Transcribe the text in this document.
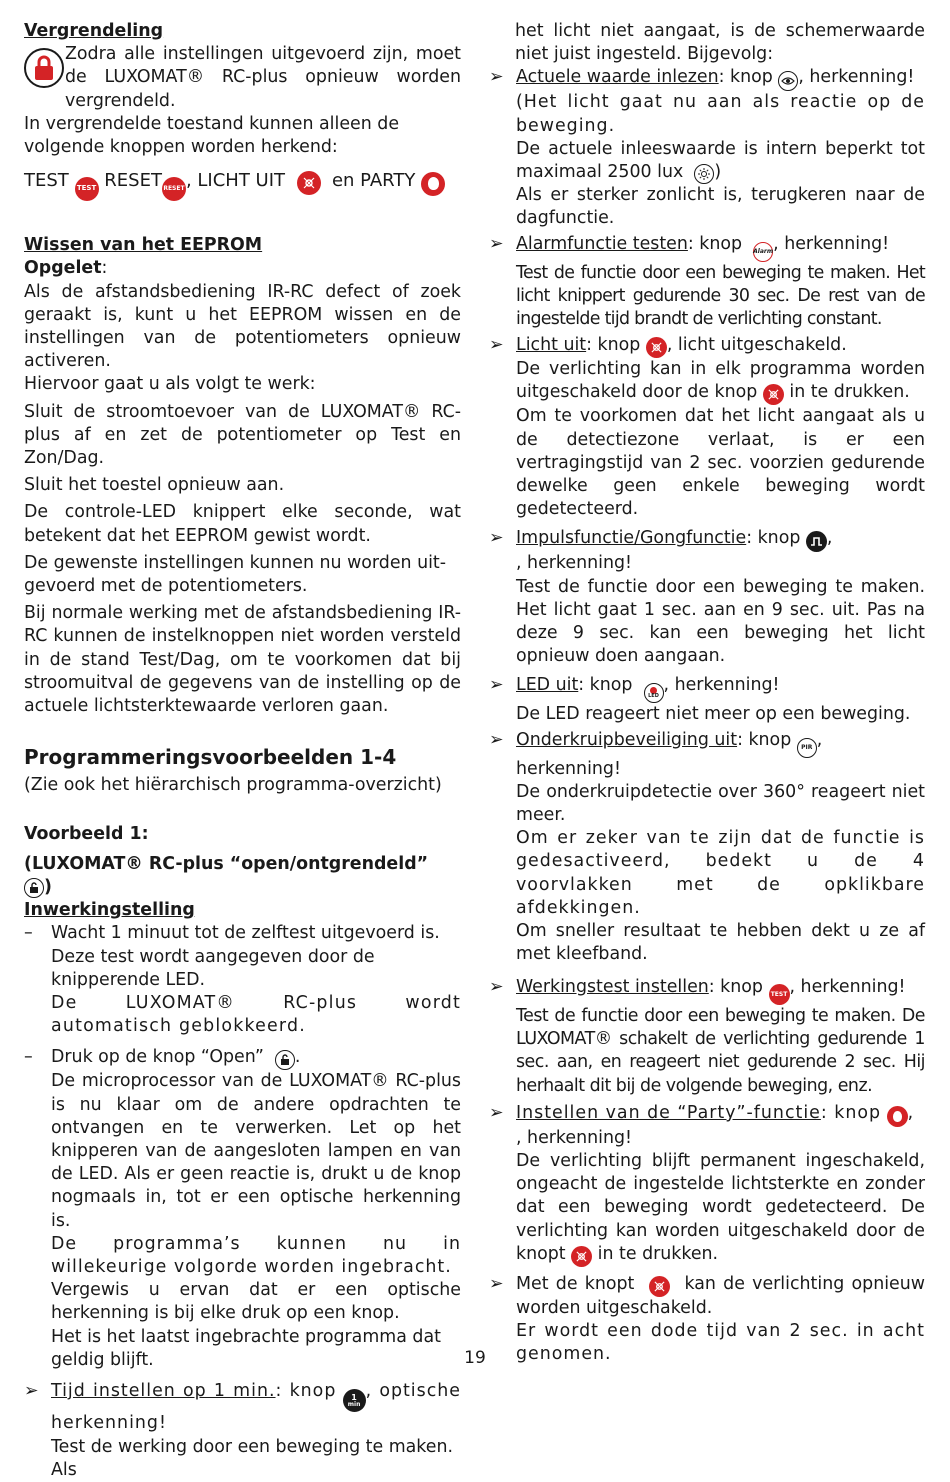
Vergrendeling

Zodra alle instellingen uitgevoerd zijn, moet de LUXOMAT® RC-plus opnieuw worden vergrendeld.

In vergrendelde toestand kunnen alleen de volgende knoppen worden herkend:

TEST TEST RESET RESET , LICHT UIT	en PARTY

Wissen van het EEPROM

Opgelet:

Als de afstandsbediening IR-RC defect of zoek geraakt is, kunt u het EEPROM wissen en de instellingen van de potentiometers opnieuw activeren.

Hiervoor gaat u als volgt te werk:

Sluit de stroomtoevoer van de LUXOMAT® RC-plus af en zet de potentiometer op Test en Zon/Dag.

Sluit het toestel opnieuw aan.

De controle-LED knippert elke seconde, wat betekent dat het EEPROM gewist wordt.

De gewenste instellingen kunnen nu worden uit-gevoerd met de potentiometers.

Bij normale werking met de afstandsbediening IR-RC kunnen de instelknoppen niet worden versteld in de stand Test/Dag, om te voorkomen dat bij stroomuitval de gegevens van de instelling op de actuele lichtsterktewaarde verloren gaan.

Programmeringsvoorbeelden 1-4

(Zie ook het hiërarchisch programma-overzicht)

Voorbeeld 1:

(LUXOMAT® RC-plus “open/ontgrendeld”
)

Inwerkingstelling

– Wacht 1 minuut tot de zelftest uitgevoerd is.

Deze test wordt aangegeven door de knipperende LED.

De LUXOMAT® RC-plus wordt automatisch geblokkeerd.

– Druk op de knop “Open” .

De microprocessor van de LUXOMAT® RC-plus is nu klaar om de andere opdrachten te ontvangen en te verwerken. Let op het knipperen van de aangesloten lampen en van de LED. Als er geen reactie is, drukt u de knop nogmaals in, tot er een optische herkenning is.

De programma’s kunnen nu in willekeurige volgorde worden ingebracht.

Vergewis u ervan dat er een optische herkenning is bij elke druk op een knop.

Het is het laatst ingebrachte programma dat geldig blijft.

➢ Tijd instellen op 1 min.: knop 1
min
, optische herkenning!

Test de werking door een beweging te maken. Als

het licht niet aangaat, is de schemerwaarde niet juist ingesteld. Bijgevolg:

➢ Actuele waarde inlezen: knop , herkenning!

(Het licht gaat nu aan als reactie op de beweging.

De actuele inleeswaarde is intern beperkt tot maximaal 2500 lux )

Als er sterker zonlicht is, terugkeren naar de dagfunctie.

➢ Alarmfunctie testen: knop Alarm , herkenning!

Test de functie door een beweging te maken. Het licht knippert gedurende 30 sec. De rest van de ingestelde tijd brandt de verlichting constant.

➢ Licht uit: knop , licht uitgeschakeld.

De verlichting kan in elk programma worden uitgeschakeld door de knop in te drukken.

Om te voorkomen dat het licht aangaat als u de detectiezone verlaat, is er een vertragingstijd van 2 sec. voorzien gedurende dewelke geen enkele beweging wordt gedetecteerd.

➢ Impulsfunctie/Gongfunctie: knop ,

, herkenning!

Test de functie door een beweging te maken. Het licht gaat 1 sec. aan en 9 sec. uit. Pas na deze 9 sec. kan een beweging het licht opnieuw doen aangaan.

➢ LED uit: knop
LED
, herkenning!

De LED reageert niet meer op een beweging.

➢ Onderkruipbeveiliging uit: knop PIR , herkenning!

De onderkruipdetectie over 360° reageert niet meer.

Om er zeker van te zijn dat de functie is gedesactiveerd, bedekt u de 4 voorvlakken met de opklikbare afdekkingen.

Om sneller resultaat te hebben dekt u ze af met kleefband.

➢ Werkingstest instellen: knop TEST , herkenning!

Test de functie door een beweging te maken. De LUXOMAT® schakelt de verlichting gedurende 1 sec. aan, en reageert niet gedurende 2 sec. Hij herhaalt dit bij de volgende beweging, enz.

➢ Instellen van de “Party”-functie: knop ,

, herkenning!

De verlichting blijft permanent ingeschakeld, ongeacht de ingestelde lichtsterkte en zonder dat een beweging wordt gedetecteerd. De verlichting kan worden uitgeschakeld door de knopt in te drukken.

➢ Met de knopt	kan de verlichting opnieuw worden uitgeschakeld.

Er wordt een dode tijd van 2 sec. in acht genomen.

19
